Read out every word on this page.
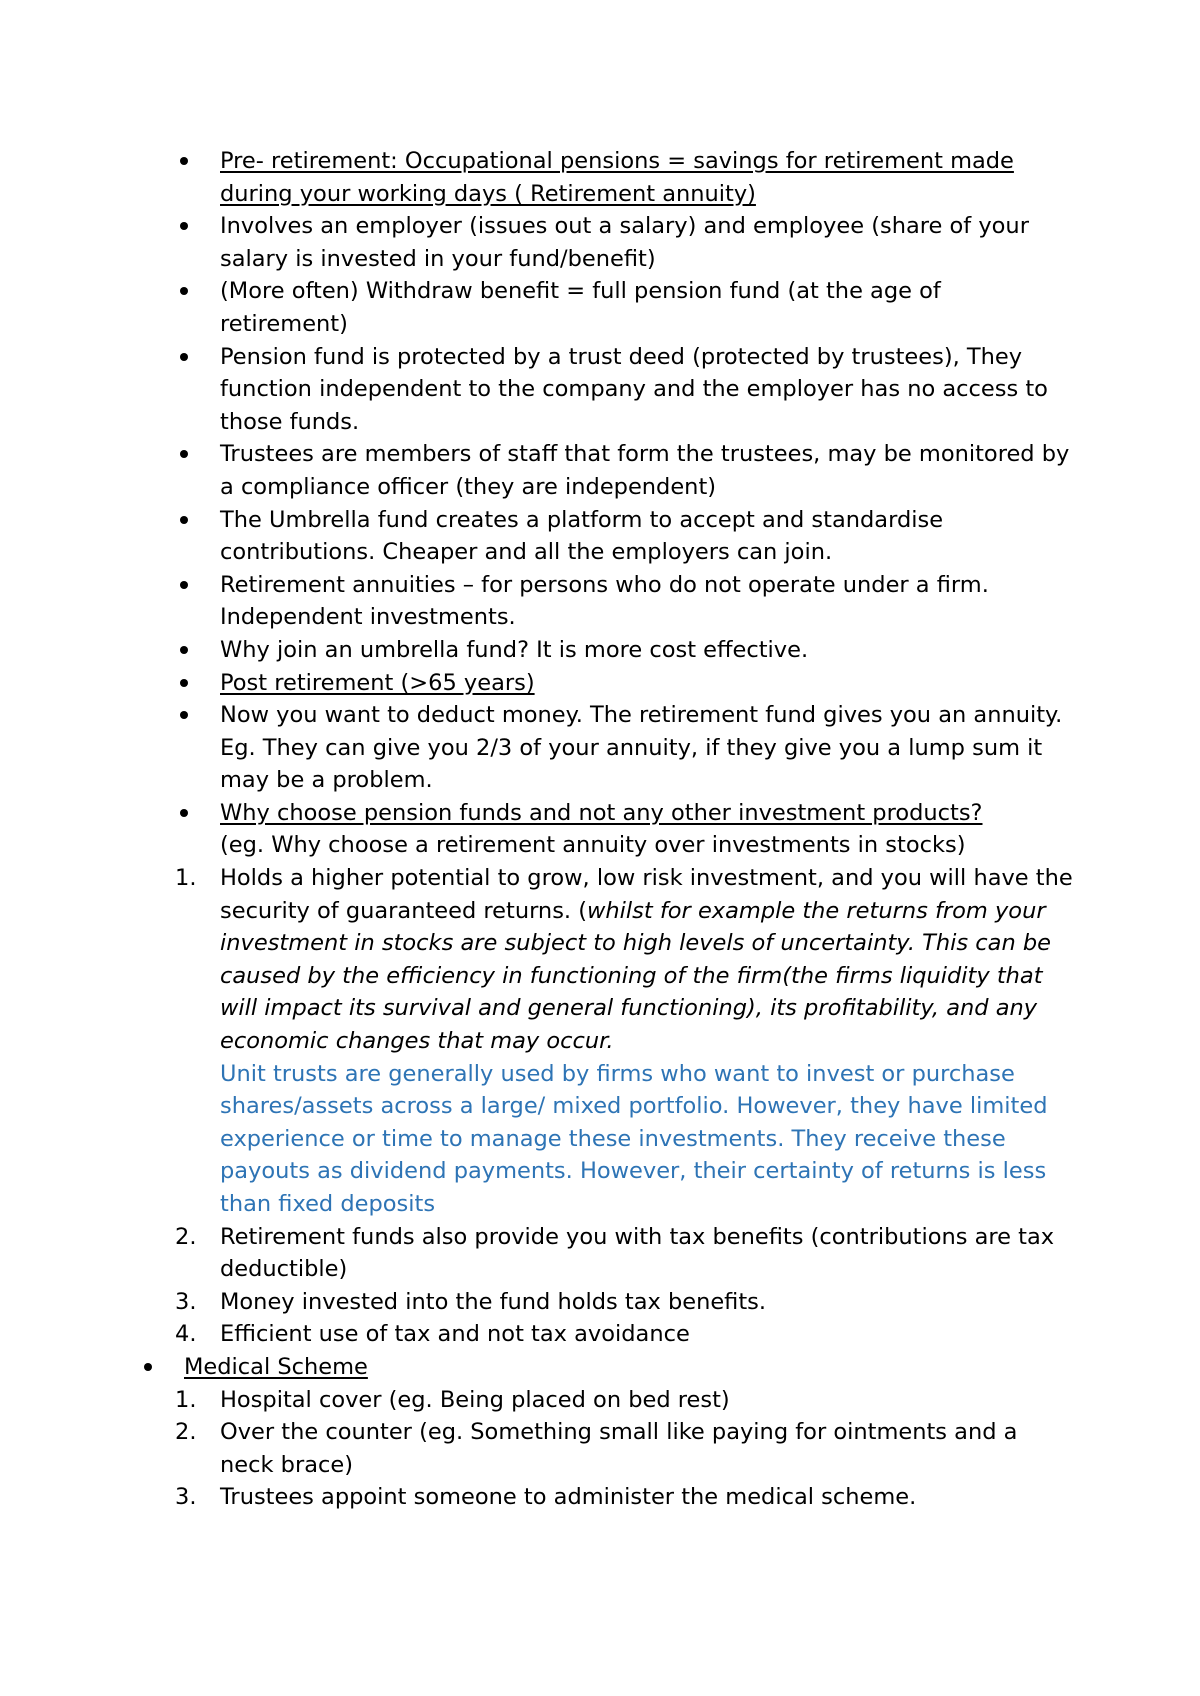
Pre- retirement: Occupational pensions = savings for retirement made during your working days ( Retirement annuity)
Involves an employer (issues out a salary) and employee (share of your salary is invested in your fund/benefit)
(More often) Withdraw benefit = full pension fund (at the age of retirement)
Pension fund is protected by a trust deed (protected by trustees), They function independent to the company and the employer has no access to those funds.
Trustees are members of staff that form the trustees, may be monitored by a compliance officer (they are independent)
The Umbrella fund creates a platform to accept and standardise contributions. Cheaper and all the employers can join.
Retirement annuities – for persons who do not operate under a firm. Independent investments.
Why join an umbrella fund? It is more cost effective.
Post retirement (>65 years)
Now you want to deduct money. The retirement fund gives you an annuity. Eg. They can give you 2/3 of your annuity, if they give you a lump sum it may be a problem.
Why choose pension funds and not any other investment products?
(eg. Why choose a retirement annuity over investments in stocks)
1.	Holds a higher potential to grow, low risk investment, and you will have the security of guaranteed returns. (whilst for example the returns from your investment in stocks are subject to high levels of uncertainty. This can be caused by the efficiency in functioning of the firm(the firms liquidity that will impact its survival and general functioning), its profitability, and any economic changes that may occur.
Unit trusts are generally used by firms who want to invest or purchase shares/assets across a large/ mixed portfolio. However, they have limited experience or time to manage these investments. They receive these payouts as dividend payments. However, their certainty of returns is less than fixed deposits
2.	Retirement funds also provide you with tax benefits (contributions are tax deductible)
3.	Money invested into the fund holds tax benefits.
4.	Efficient use of tax and not tax avoidance
Medical Scheme
1.	Hospital cover (eg. Being placed on bed rest)
2.	Over the counter (eg. Something small like paying for ointments and a neck brace)
3.	Trustees appoint someone to administer the medical scheme.
